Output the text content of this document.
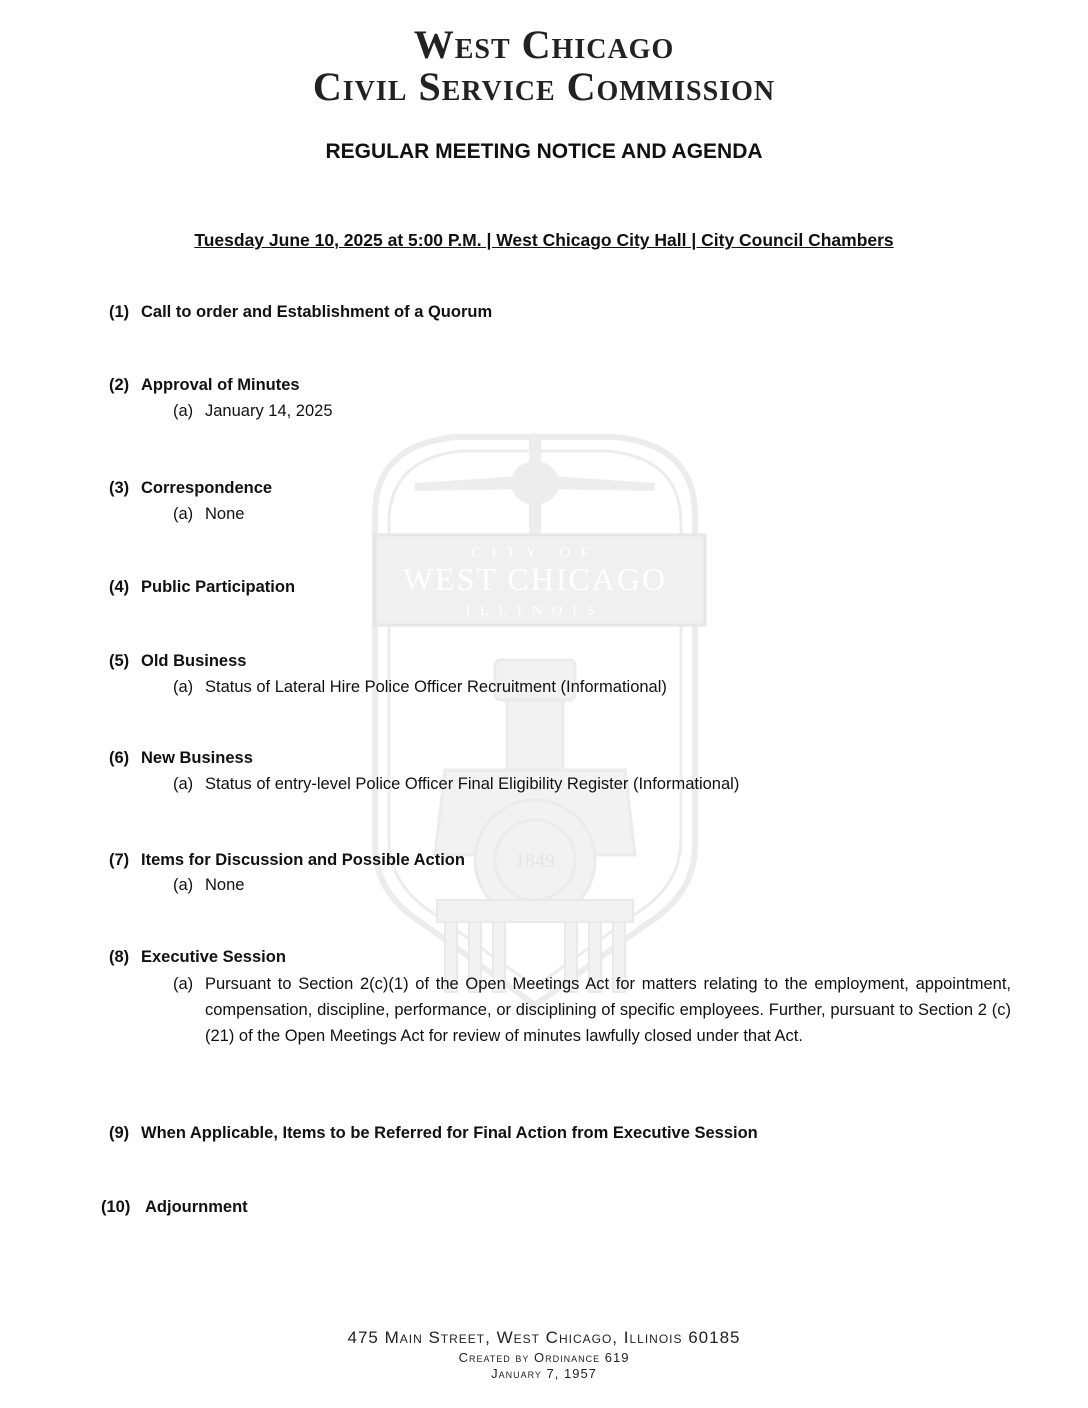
CITY OF
WEST CHICAGO
ILLINOIS
1849
West Chicago
Civil Service Commission
REGULAR MEETING NOTICE AND AGENDA
Tuesday June 10, 2025 at 5:00 P.M. | West Chicago City Hall | City Council Chambers
(1) Call to order and Establishment of a Quorum
(2) Approval of Minutes
(a) January 14, 2025
(3) Correspondence
(a) None
(4) Public Participation
(5) Old Business
(a) Status of Lateral Hire Police Officer Recruitment (Informational)
(6) New Business
(a) Status of entry-level Police Officer Final Eligibility Register (Informational)
(7) Items for Discussion and Possible Action
(a) None
(8) Executive Session
(a) Pursuant to Section 2(c)(1) of the Open Meetings Act for matters relating to the employment, appointment, compensation, discipline, performance, or disciplining of specific employees. Further, pursuant to Section 2 (c)(21) of the Open Meetings Act for review of minutes lawfully closed under that Act.
(9) When Applicable, Items to be Referred for Final Action from Executive Session
(10) Adjournment
475 Main Street, West Chicago, Illinois 60185
Created by Ordinance 619
January 7, 1957
